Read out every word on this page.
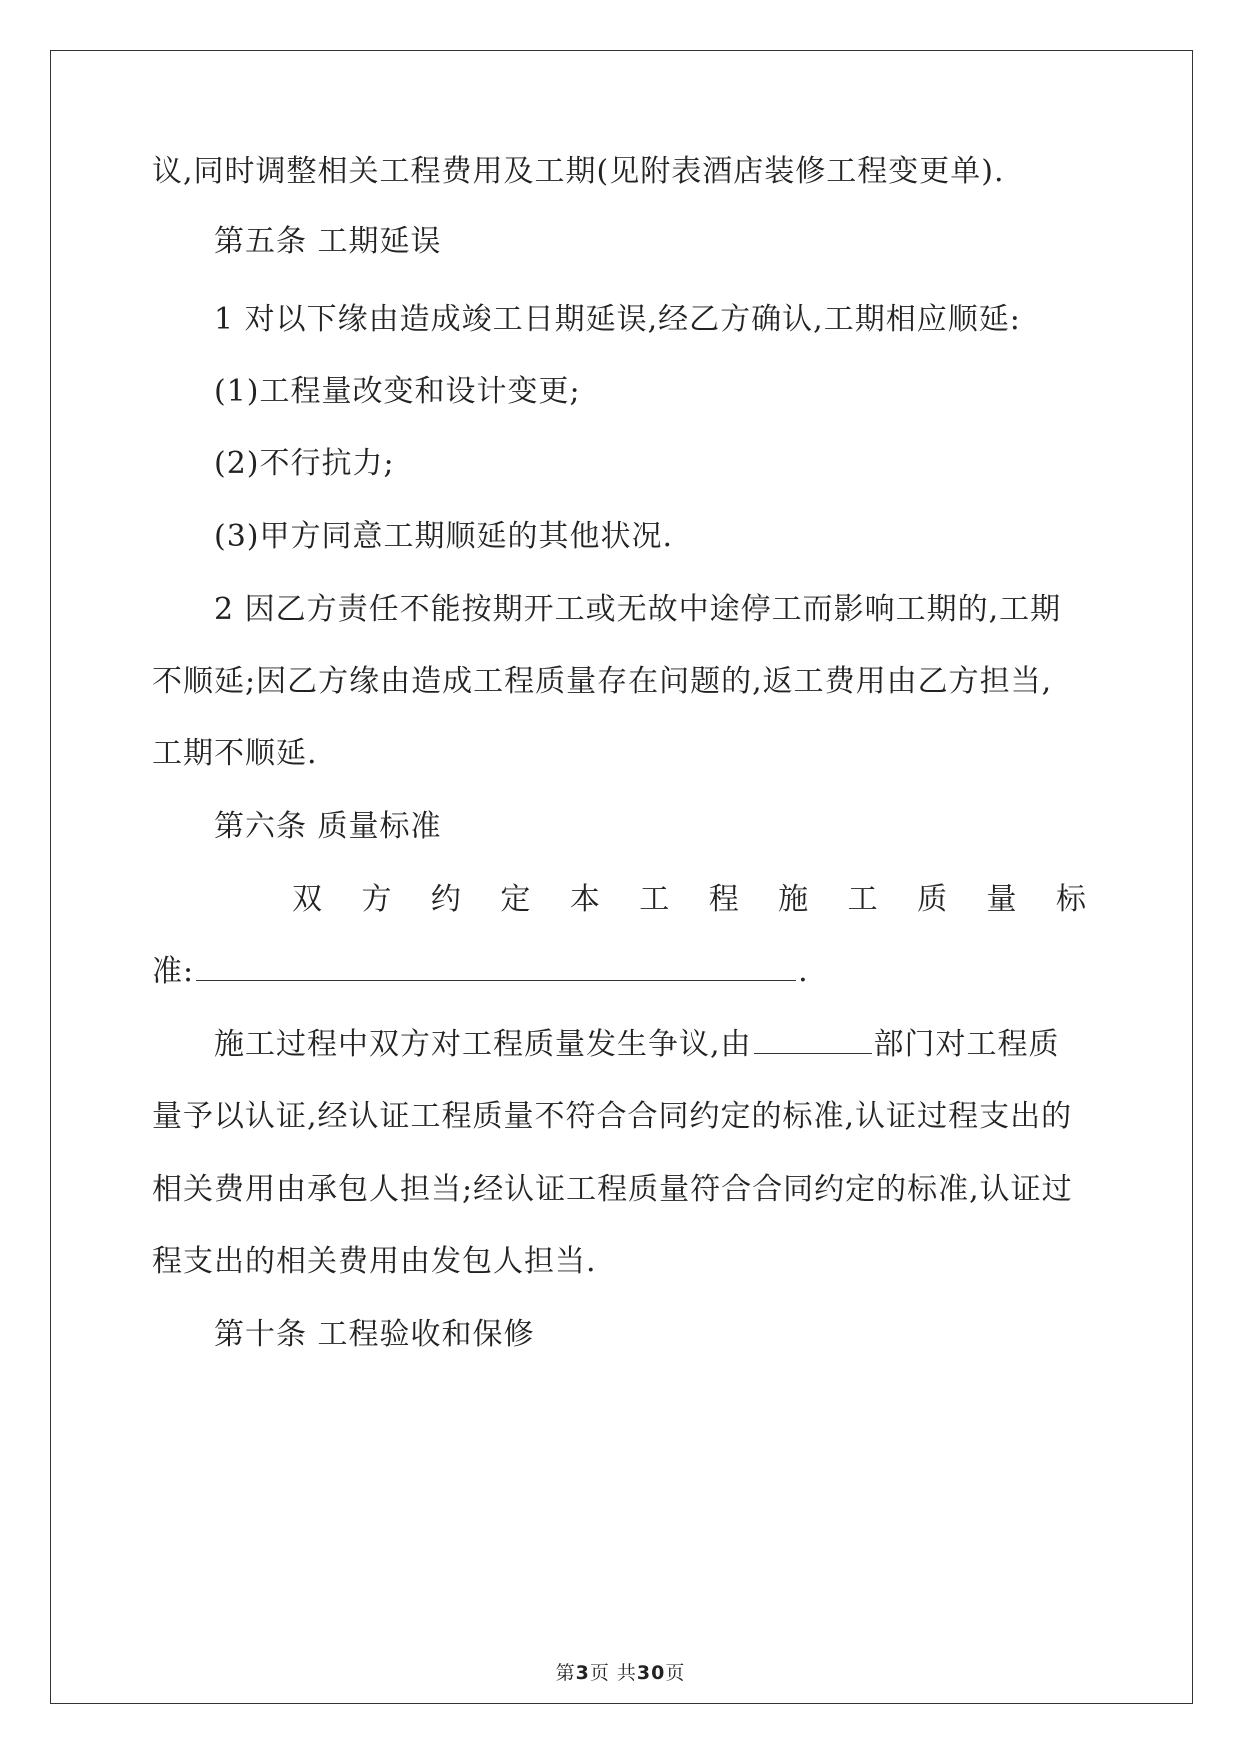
议,同时调整相关工程费用及工期(见附表酒店装修工程变更单).
第五条 工期延误
1 对以下缘由造成竣工日期延误,经乙方确认,工期相应顺延:
(1)工程量改变和设计变更;
(2)不行抗力;
(3)甲方同意工期顺延的其他状况.
2 因乙方责任不能按期开工或无故中途停工而影响工期的,工期
不顺延;因乙方缘由造成工程质量存在问题的,返工费用由乙方担当,
工期不顺延.
第六条 质量标准
双 方 约 定 本 工 程 施 工 质 量 标
准:	.
施工过程中双方对工程质量发生争议,由	部门对工程质
量予以认证,经认证工程质量不符合合同约定的标准,认证过程支出的
相关费用由承包人担当;经认证工程质量符合合同约定的标准,认证过
程支出的相关费用由发包人担当.
第十条 工程验收和保修
第3页 共30页
